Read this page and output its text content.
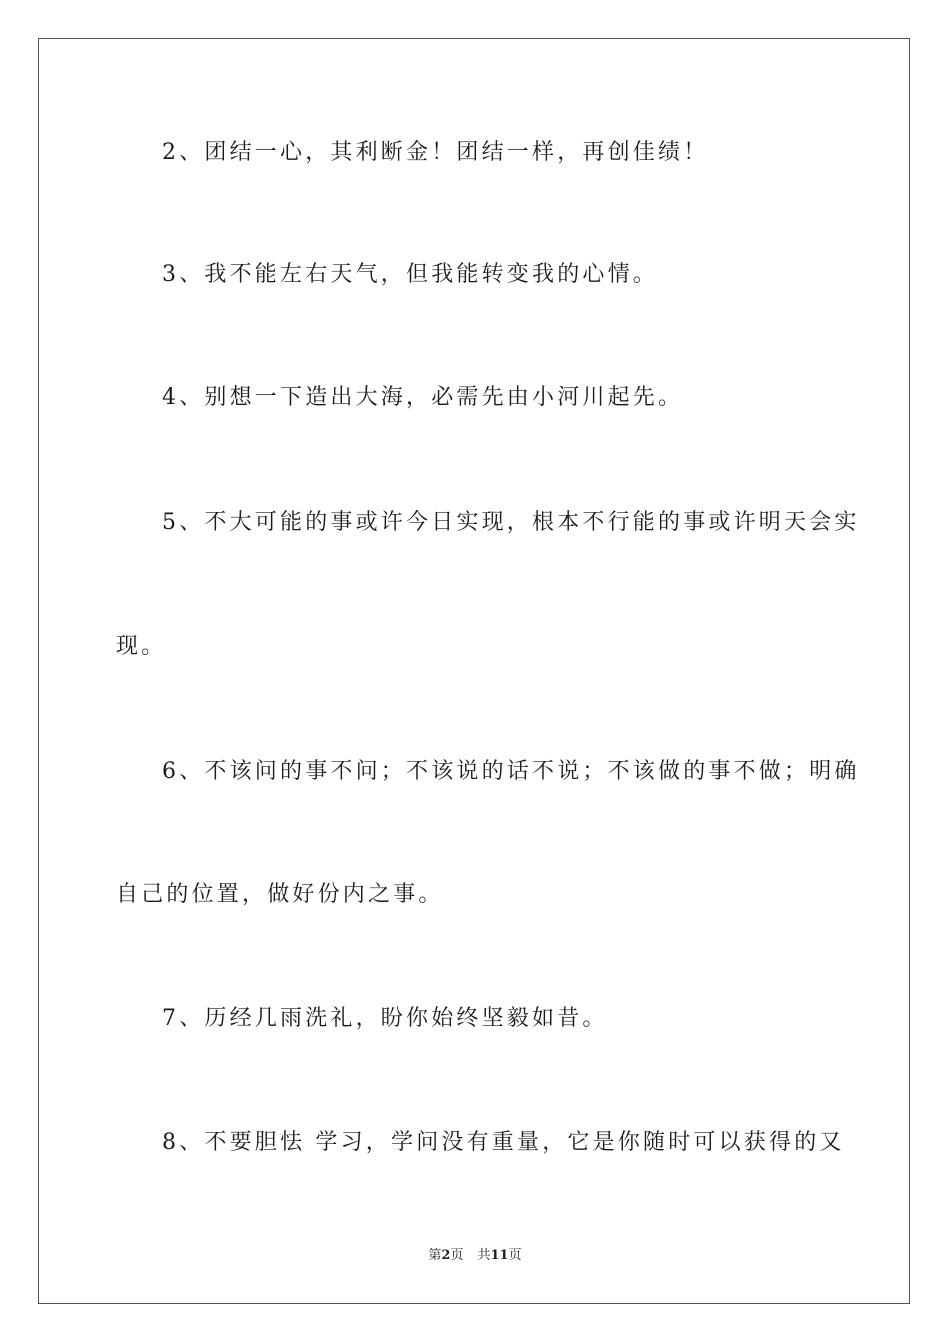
2、团结一心，其利断金！团结一样，再创佳绩！
3、我不能左右天气，但我能转变我的心情。
4、别想一下造出大海，必需先由小河川起先。
5、不大可能的事或许今日实现，根本不行能的事或许明天会实
现。
6、不该问的事不问；不该说的话不说；不该做的事不做；明确
自己的位置，做好份内之事。
7、历经几雨洗礼，盼你始终坚毅如昔。
8、不要胆怯 学习，学问没有重量，它是你随时可以获得的又
第2页 共11页
